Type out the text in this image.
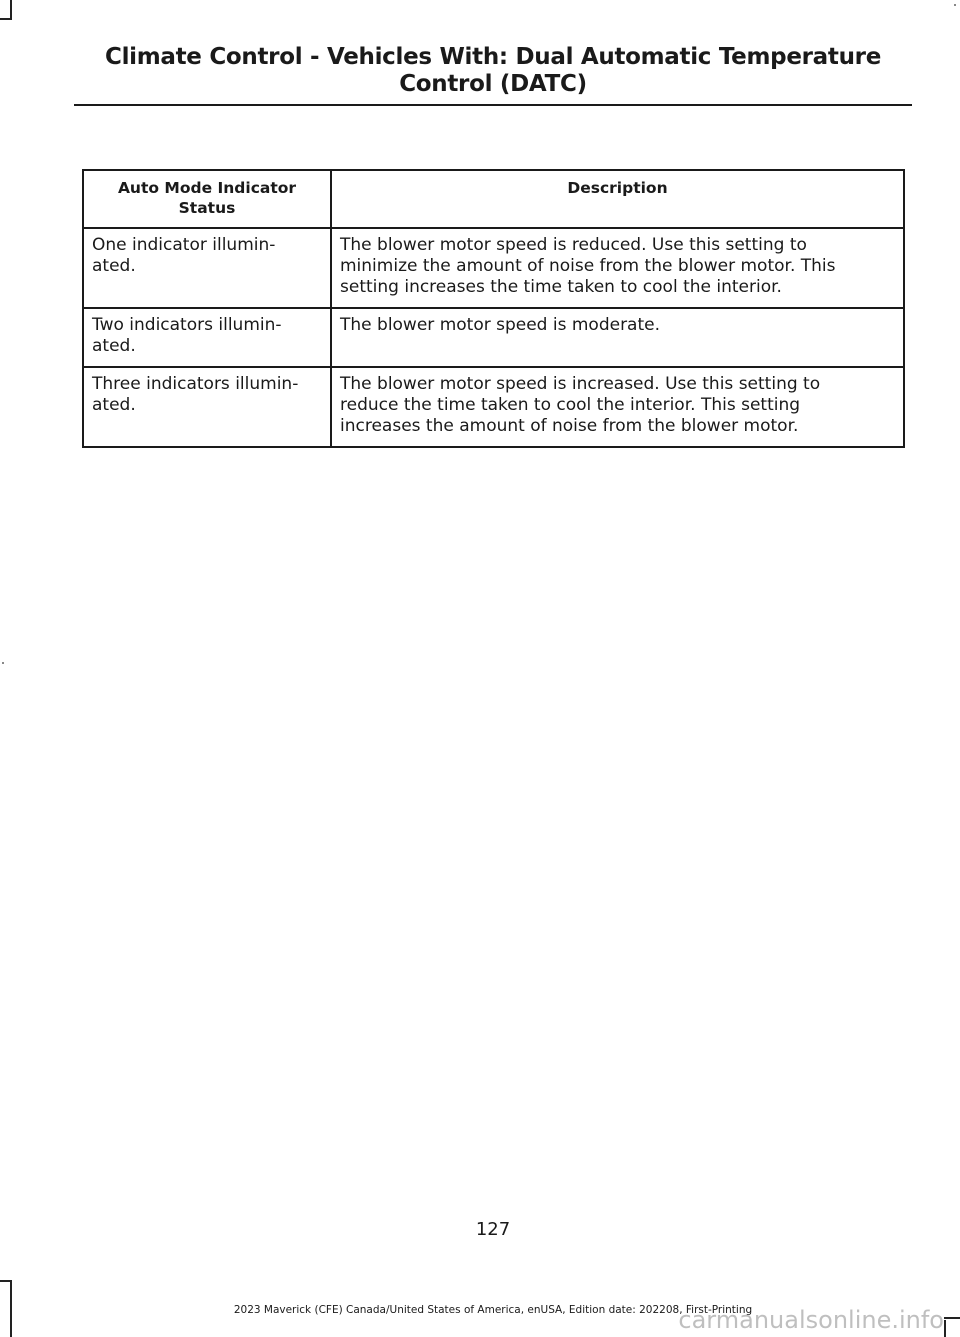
Climate Control - Vehicles With: Dual Automatic Temperature
Control (DATC)
Auto Mode Indicator
Status	Description

One indicator illumin-
ated.	The blower motor speed is reduced. Use this setting to
minimize the amount of noise from the blower motor. This
setting increases the time taken to cool the interior.

Two indicators illumin-
ated.	The blower motor speed is moderate.

Three indicators illumin-
ated.	The blower motor speed is increased. Use this setting to
reduce the time taken to cool the interior. This setting
increases the amount of noise from the blower motor.
127
2023 Maverick (CFE) Canada/United States of America, enUSA, Edition date: 202208, First-Printing
carmanualsonline.info
